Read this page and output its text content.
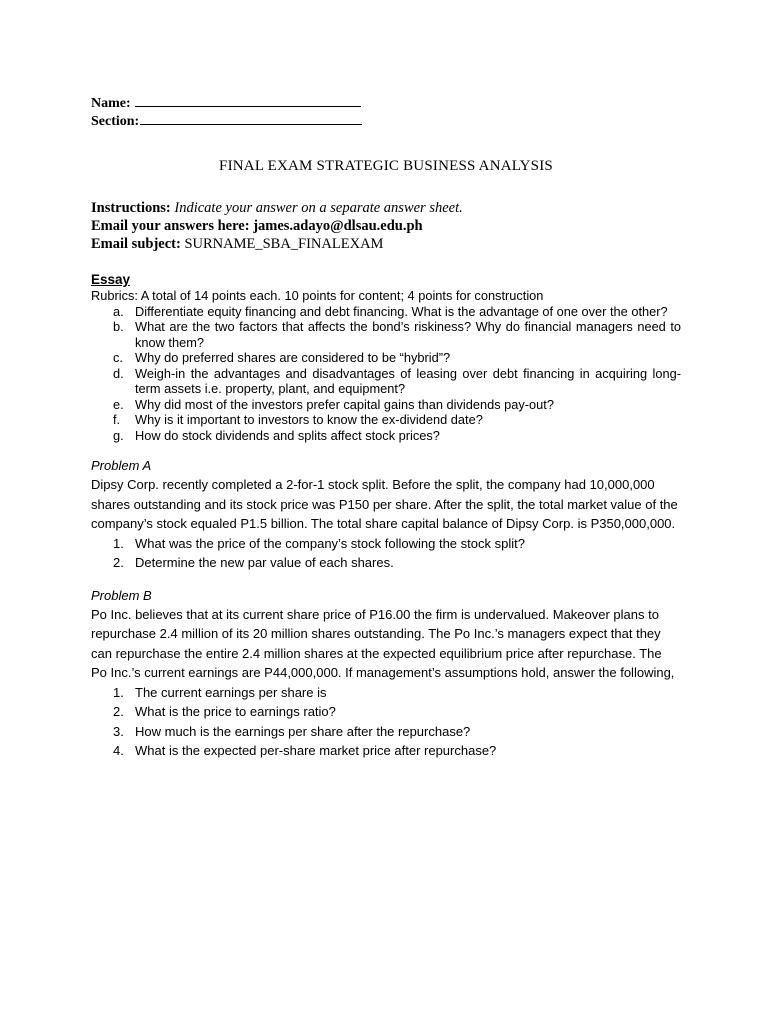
Name:
Section:
FINAL EXAM STRATEGIC BUSINESS ANALYSIS
Instructions: Indicate your answer on a separate answer sheet.
Email your answers here: james.adayo@dlsau.edu.ph
Email subject: SURNAME_SBA_FINALEXAM
Essay
Rubrics: A total of 14 points each. 10 points for content; 4 points for construction
a. Differentiate equity financing and debt financing. What is the advantage of one over the other?
b. What are the two factors that affects the bond’s riskiness? Why do financial managers need to know them?
c. Why do preferred shares are considered to be “hybrid”?
d. Weigh-in the advantages and disadvantages of leasing over debt financing in acquiring long-term assets i.e. property, plant, and equipment?
e. Why did most of the investors prefer capital gains than dividends pay-out?
f.	Why is it important to investors to know the ex-dividend date?
g. How do stock dividends and splits affect stock prices?
Problem A
Dipsy Corp. recently completed a 2-for-1 stock split. Before the split, the company had 10,000,000 shares outstanding and its stock price was P150 per share. After the split, the total market value of the company’s stock equaled P1.5 billion. The total share capital balance of Dipsy Corp. is P350,000,000.
1. What was the price of the company’s stock following the stock split?
2. Determine the new par value of each shares.
Problem B
Po Inc. believes that at its current share price of P16.00 the firm is undervalued. Makeover plans to repurchase 2.4 million of its 20 million shares outstanding. The Po Inc.’s managers expect that they can repurchase the entire 2.4 million shares at the expected equilibrium price after repurchase. The Po Inc.’s current earnings are P44,000,000. If management’s assumptions hold, answer the following,
1. The current earnings per share is
2. What is the price to earnings ratio?
3. How much is the earnings per share after the repurchase?
4. What is the expected per-share market price after repurchase?
